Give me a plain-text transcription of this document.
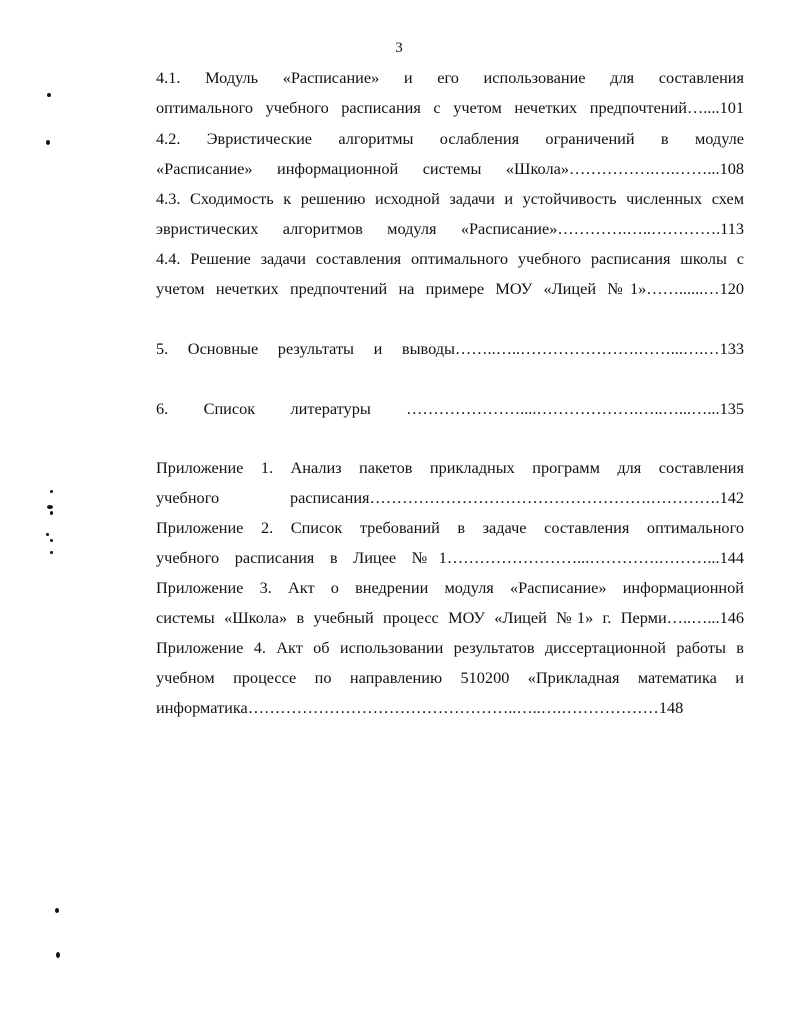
3
4.1. Модуль «Расписание» и его использование для составления
оптимального учебного расписания с учетом нечетких предпочтений…....101
4.2. Эвристические алгоритмы ослабления ограничений в модуле
«Расписание» информационной системы «Школа»…………….….……...108
4.3. Сходимость к решению исходной задачи и устойчивость численных схем
эвристических алгоритмов модуля «Расписание»………….…..………….113
4.4. Решение задачи составления оптимального учебного расписания школы с
учетом нечетких предпочтений на примере МОУ «Лицей №1»……......…120
5. Основные результаты и выводы……..…..………………….……...….…133
6. Список литературы …………………....……………….…..…...…...135
Приложение 1. Анализ пакетов прикладных программ для составления
учебного расписания…………………………………………….………….142
Приложение 2. Список требований в задаче составления оптимального
учебного расписания в Лицее №1……………………...………….………...144
Приложение 3. Акт о внедрении модуля «Расписание» информационной
системы «Школа» в учебный процесс МОУ «Лицей №1» г. Перми…..…...146
Приложение 4. Акт об использовании результатов диссертационной работы в
учебном процессе по направлению 510200 «Прикладная математика и
информатика…………………………………………..…..….………………148
